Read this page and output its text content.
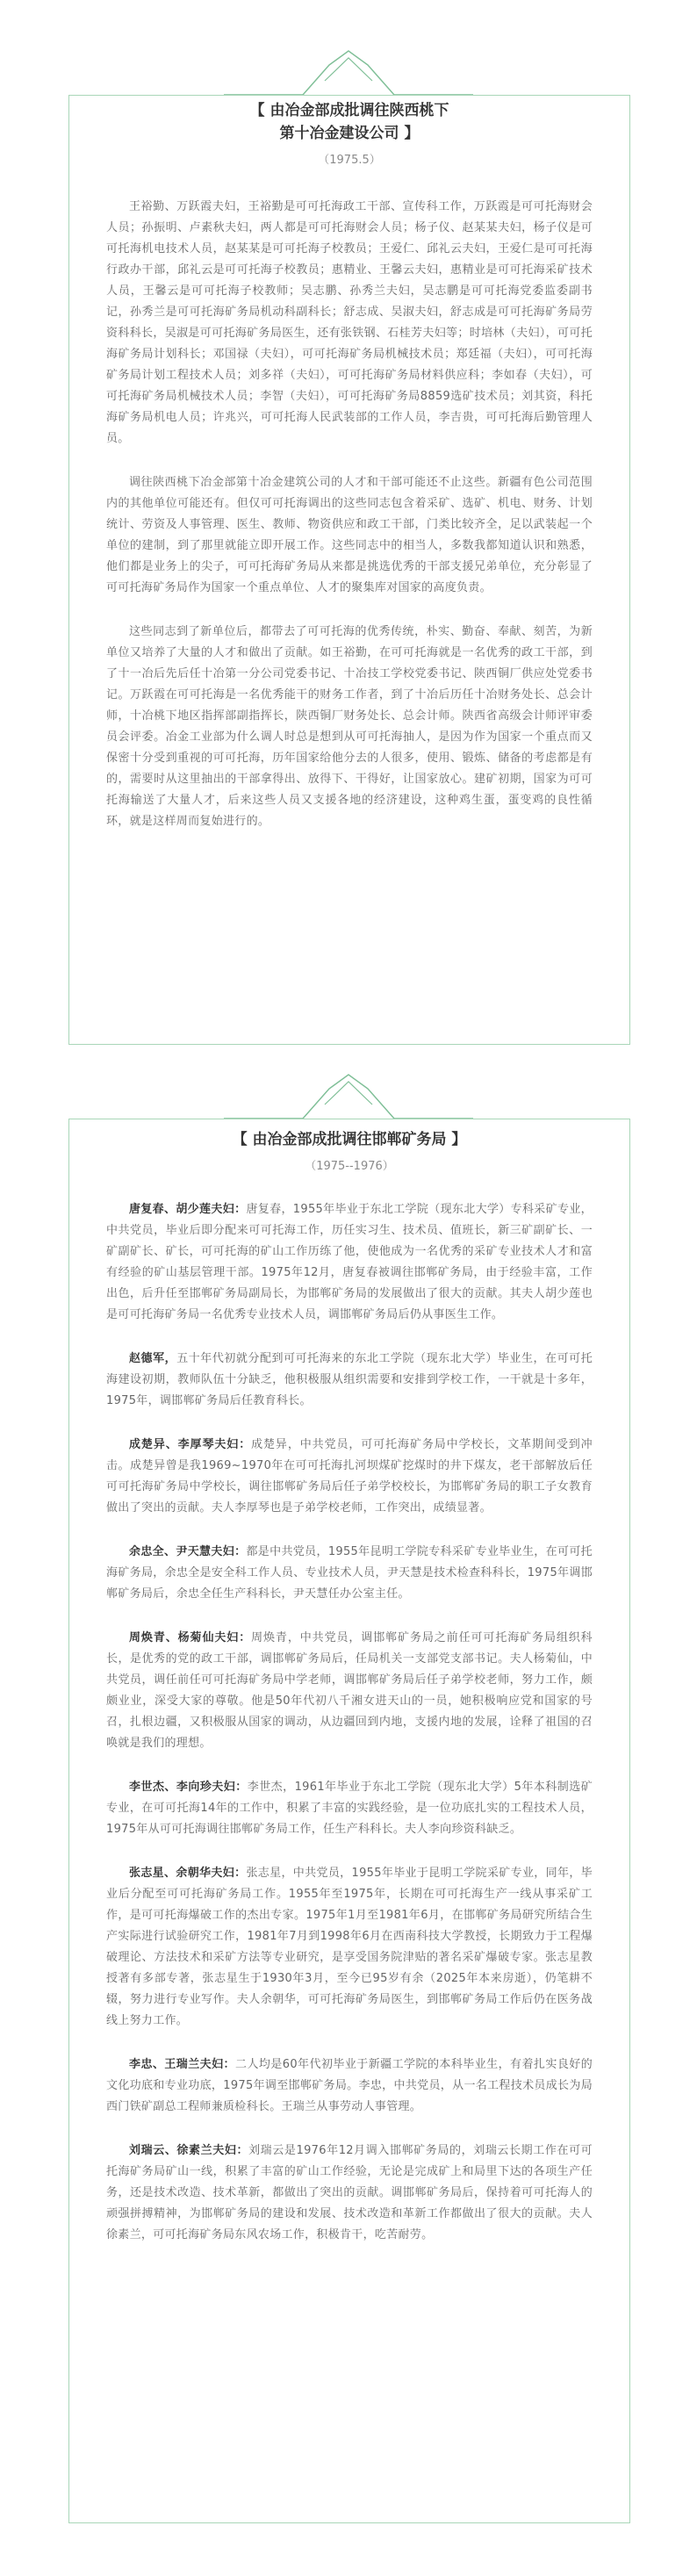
【 由冶金部成批调往陕西桃下

第十冶金建设公司 】

（1975.5）

王裕勤、万跃霞夫妇，王裕勤是可可托海政工干部、宣传科工作，万跃霞是可可托海财会人员；孙振明、卢素秋夫妇，两人都是可可托海财会人员；杨子仪、赵某某夫妇，杨子仪是可可托海机电技术人员，赵某某是可可托海子校教员；王爱仁、邱礼云夫妇，王爱仁是可可托海行政办干部，邱礼云是可可托海子校教员；惠精业、王馨云夫妇，惠精业是可可托海采矿技术人员，王馨云是可可托海子校教师；吴志鹏、孙秀兰夫妇，吴志鹏是可可托海党委监委副书记，孙秀兰是可可托海矿务局机动科副科长；舒志成、吴淑夫妇，舒志成是可可托海矿务局劳资科科长，吴淑是可可托海矿务局医生，还有张铁钢、石桂芳夫妇等；时培林（夫妇），可可托海矿务局计划科长；邓国禄（夫妇），可可托海矿务局机械技术员；郑廷福（夫妇），可可托海矿务局计划工程技术人员；刘多祥（夫妇），可可托海矿务局材料供应科；李如春（夫妇），可可托海矿务局机械技术人员；李智（夫妇），可可托海矿务局8859选矿技术员；刘其资，科托海矿务局机电人员；许兆兴，可可托海人民武装部的工作人员，李吉贵，可可托海后勤管理人员。

调往陕西桃下冶金部第十冶金建筑公司的人才和干部可能还不止这些。新疆有色公司范围内的其他单位可能还有。但仅可可托海调出的这些同志包含着采矿、选矿、机电、财务、计划统计、劳资及人事管理、医生、教师、物资供应和政工干部，门类比较齐全，足以武装起一个单位的建制，到了那里就能立即开展工作。这些同志中的相当人，多数我都知道认识和熟悉，他们都是业务上的尖子，可可托海矿务局从来都是挑选优秀的干部支援兄弟单位，充分彰显了可可托海矿务局作为国家一个重点单位、人才的聚集库对国家的高度负责。

这些同志到了新单位后，都带去了可可托海的优秀传统，朴实、勤奋、奉献、刻苦，为新单位又培养了大量的人才和做出了贡献。如王裕勤，在可可托海就是一名优秀的政工干部，到了十一冶后先后任十冶第一分公司党委书记、十冶技工学校党委书记、陕西铜厂供应处党委书记。万跃霞在可可托海是一名优秀能干的财务工作者，到了十冶后历任十冶财务处长、总会计师，十冶桃下地区指挥部副指挥长，陕西铜厂财务处长、总会计师。陕西省高级会计师评审委员会评委。冶金工业部为什么调人时总是想到从可可托海抽人，是因为作为国家一个重点而又保密十分受到重视的可可托海，历年国家给他分去的人很多，使用、锻炼、储备的考虑都是有的，需要时从这里抽出的干部拿得出、放得下、干得好，让国家放心。建矿初期，国家为可可托海输送了大量人才，后来这些人员又支援各地的经济建设，这种鸡生蛋，蛋变鸡的良性循环，就是这样周而复始进行的。

【 由冶金部成批调往邯郸矿务局 】

（1975--1976）

唐复春、胡少莲夫妇：唐复春，1955年毕业于东北工学院（现东北大学）专科采矿专业，中共党员，毕业后即分配来可可托海工作，历任实习生、技术员、值班长，新三矿副矿长、一矿副矿长、矿长，可可托海的矿山工作历练了他，使他成为一名优秀的采矿专业技术人才和富有经验的矿山基层管理干部。1975年12月，唐复春被调往邯郸矿务局，由于经验丰富，工作出色，后升任至邯郸矿务局副局长，为邯郸矿务局的发展做出了很大的贡献。其夫人胡少莲也是可可托海矿务局一名优秀专业技术人员，调邯郸矿务局后仍从事医生工作。

赵德军，五十年代初就分配到可可托海来的东北工学院（现东北大学）毕业生，在可可托海建设初期，教师队伍十分缺乏，他积极服从组织需要和安排到学校工作，一干就是十多年，1975年，调邯郸矿务局后任教育科长。

成楚异、李厚琴夫妇：成楚异，中共党员，可可托海矿务局中学校长，文革期间受到冲击。成楚异曾是我1969~1970年在可可托海扎河坝煤矿挖煤时的井下煤友，老干部解放后任可可托海矿务局中学校长，调往邯郸矿务局后任子弟学校校长，为邯郸矿务局的职工子女教育做出了突出的贡献。夫人李厚琴也是子弟学校老师，工作突出，成绩显著。

余忠全、尹天慧夫妇：都是中共党员，1955年昆明工学院专科采矿专业毕业生，在可可托海矿务局，余忠全是安全科工作人员、专业技术人员，尹天慧是技术检查科科长，1975年调邯郸矿务局后，余忠全任生产科科长，尹天慧任办公室主任。

周焕青、杨菊仙夫妇：周焕青，中共党员，调邯郸矿务局之前任可可托海矿务局组织科长，是优秀的党的政工干部，调邯郸矿务局后，任局机关一支部党支部书记。夫人杨菊仙，中共党员，调任前任可可托海矿务局中学老师，调邯郸矿务局后任子弟学校老师，努力工作，颇颇业业，深受大家的尊敬。他是50年代初八千湘女进天山的一员，她积极响应党和国家的号召，扎根边疆，又积极服从国家的调动，从边疆回到内地，支援内地的发展，诠释了祖国的召唤就是我们的理想。

李世杰、李向珍夫妇：李世杰，1961年毕业于东北工学院（现东北大学）5年本科制选矿专业，在可可托海14年的工作中，积累了丰富的实践经验，是一位功底扎实的工程技术人员，1975年从可可托海调往邯郸矿务局工作，任生产科科长。夫人李向珍资科缺乏。

张志星、余朝华夫妇：张志星，中共党员，1955年毕业于昆明工学院采矿专业，同年，毕业后分配至可可托海矿务局工作。1955年至1975年，长期在可可托海生产一线从事采矿工作，是可可托海爆破工作的杰出专家。1975年1月至1981年6月，在邯郸矿务局研究所结合生产实际进行试验研究工作，1981年7月到1998年6月在西南科技大学教授，长期致力于工程爆破理论、方法技术和采矿方法等专业研究，是享受国务院津贴的著名采矿爆破专家。张志星教授著有多部专著，张志星生于1930年3月，至今已95岁有余（2025年本来房逝），仍笔耕不辍，努力进行专业写作。夫人余朝华，可可托海矿务局医生，到邯郸矿务局工作后仍在医务战线上努力工作。

李忠、王瑞兰夫妇：二人均是60年代初毕业于新疆工学院的本科毕业生，有着扎实良好的文化功底和专业功底，1975年调至邯郸矿务局。李忠，中共党员，从一名工程技术员成长为局西门铁矿副总工程师兼质检科长。王瑞兰从事劳动人事管理。

刘瑞云、徐素兰夫妇：刘瑞云是1976年12月调入邯郸矿务局的，刘瑞云长期工作在可可托海矿务局矿山一线，积累了丰富的矿山工作经验，无论是完成矿上和局里下达的各项生产任务，还是技术改造、技术革新，都做出了突出的贡献。调邯郸矿务局后，保持着可可托海人的顽强拼搏精神，为邯郸矿务局的建设和发展、技术改造和革新工作都做出了很大的贡献。夫人徐素兰，可可托海矿务局东风农场工作，积极肯干，吃苦耐劳。
